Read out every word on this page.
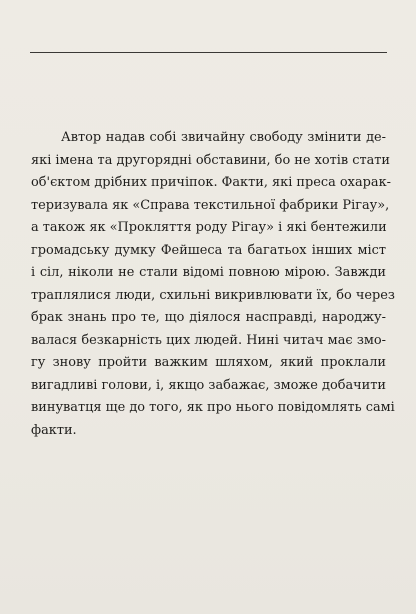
Автор надав собі звичайну свободу змінити де-
які імена та другорядні обставини, бо не хотів стати
об'єктом дрібних причіпок. Факти, які преса охарак-
теризувала як «Справа текстильної фабрики Рігау»,
а також як «Прокляття роду Рігау» і які бентежили
громадську думку Фейшеса та багатьох інших міст
і сіл, ніколи не стали відомі повною мірою. Завжди
траплялися люди, схильні викривлювати їх, бо через
брак знань про те, що діялося насправді, народжу-
валася безкарність цих людей. Нині читач має змо-
гу знову пройти важким шляхом, який проклали
вигадливі голови, і, якщо забажає, зможе добачити
винуватця ще до того, як про нього повідомлять самі
факти.
